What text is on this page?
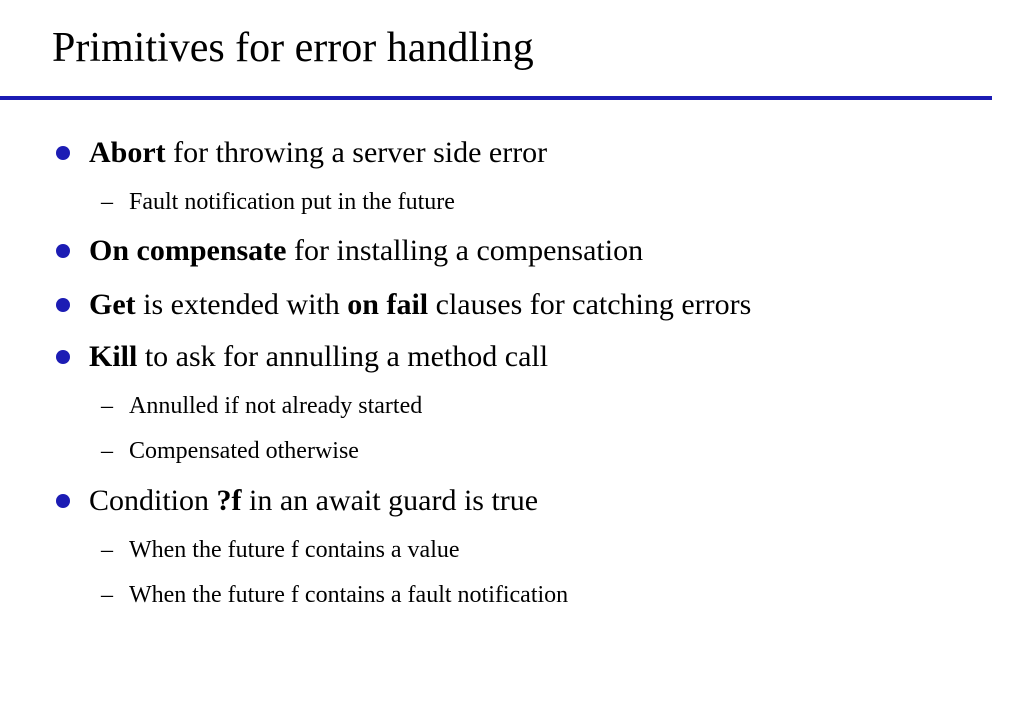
Primitives for error handling
Abort for throwing a server side error
– Fault notification put in the future
On compensate for installing a compensation
Get is extended with on fail clauses for catching errors
Kill to ask for annulling a method call
– Annulled if not already started
– Compensated otherwise
Condition ?f in an await guard is true
– When the future f contains a value
– When the future f contains a fault notification
